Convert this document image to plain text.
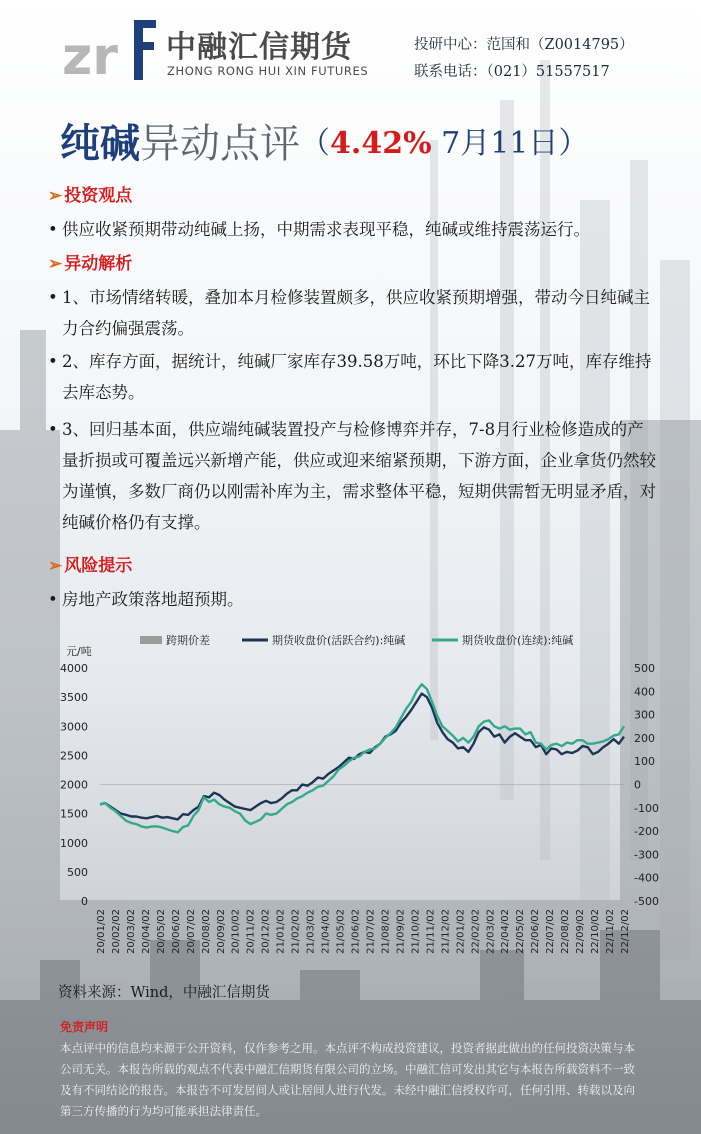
zr 中融汇信期货
ZHONG RONG HUI XIN FUTURES
投研中心：范国和（Z0014795）
联系电话：（021）51557517
纯碱异动点评（4.42% 7月11日）
➢ 投资观点
• 供应收紧预期带动纯碱上扬，中期需求表现平稳，纯碱或维持震荡运行。
➢ 异动解析
• 1、市场情绪转暖，叠加本月检修装置颇多，供应收紧预期增强，带动今日纯碱主力合约偏强震荡。
• 2、库存方面，据统计，纯碱厂家库存39.58万吨，环比下降3.27万吨，库存维持去库态势。
• 3、回归基本面，供应端纯碱装置投产与检修博弈并存，7-8月行业检修造成的产量折损或可覆盖远兴新增产能，供应或迎来缩紧预期，下游方面，企业拿货仍然较为谨慎，多数厂商仍以刚需补库为主，需求整体平稳，短期供需暂无明显矛盾，对纯碱价格仍有支撑。
➢ 风险提示
• 房地产政策落地超预期。
跨期价差	期货收盘价(活跃合约):纯碱	期货收盘价(连续):纯碱
元/吨
4000
3500
3000
2500
2000
1500
1000
500
0
500
400
300
200
100
0
-100
-200
-300
-400
-500
20/01/02 20/02/02 20/03/02 20/04/02 20/05/02 20/06/02 20/07/02 20/08/02 20/09/02 20/10/02 20/11/02 20/12/02 21/01/02 21/02/02 21/03/02 21/04/02 21/05/02 21/06/02 21/07/02 21/08/02 21/09/02 21/10/02 21/11/02 21/12/02 22/01/02 22/02/02 22/03/02 22/04/02 22/05/02 22/06/02 22/07/02 22/08/02 22/09/02 22/10/02 22/11/02 22/12/02
资料来源：Wind，中融汇信期货
免责声明
本点评中的信息均来源于公开资料，仅作参考之用。本点评不构成投资建议，投资者据此做出的任何投资决策与本公司无关。本报告所载的观点不代表中融汇信期货有限公司的立场。中融汇信可发出其它与本报告所载资料不一致及有不同结论的报告。本报告不可发居间人或让居间人进行代发。未经中融汇信授权许可，任何引用、转载以及向第三方传播的行为均可能承担法律责任。
